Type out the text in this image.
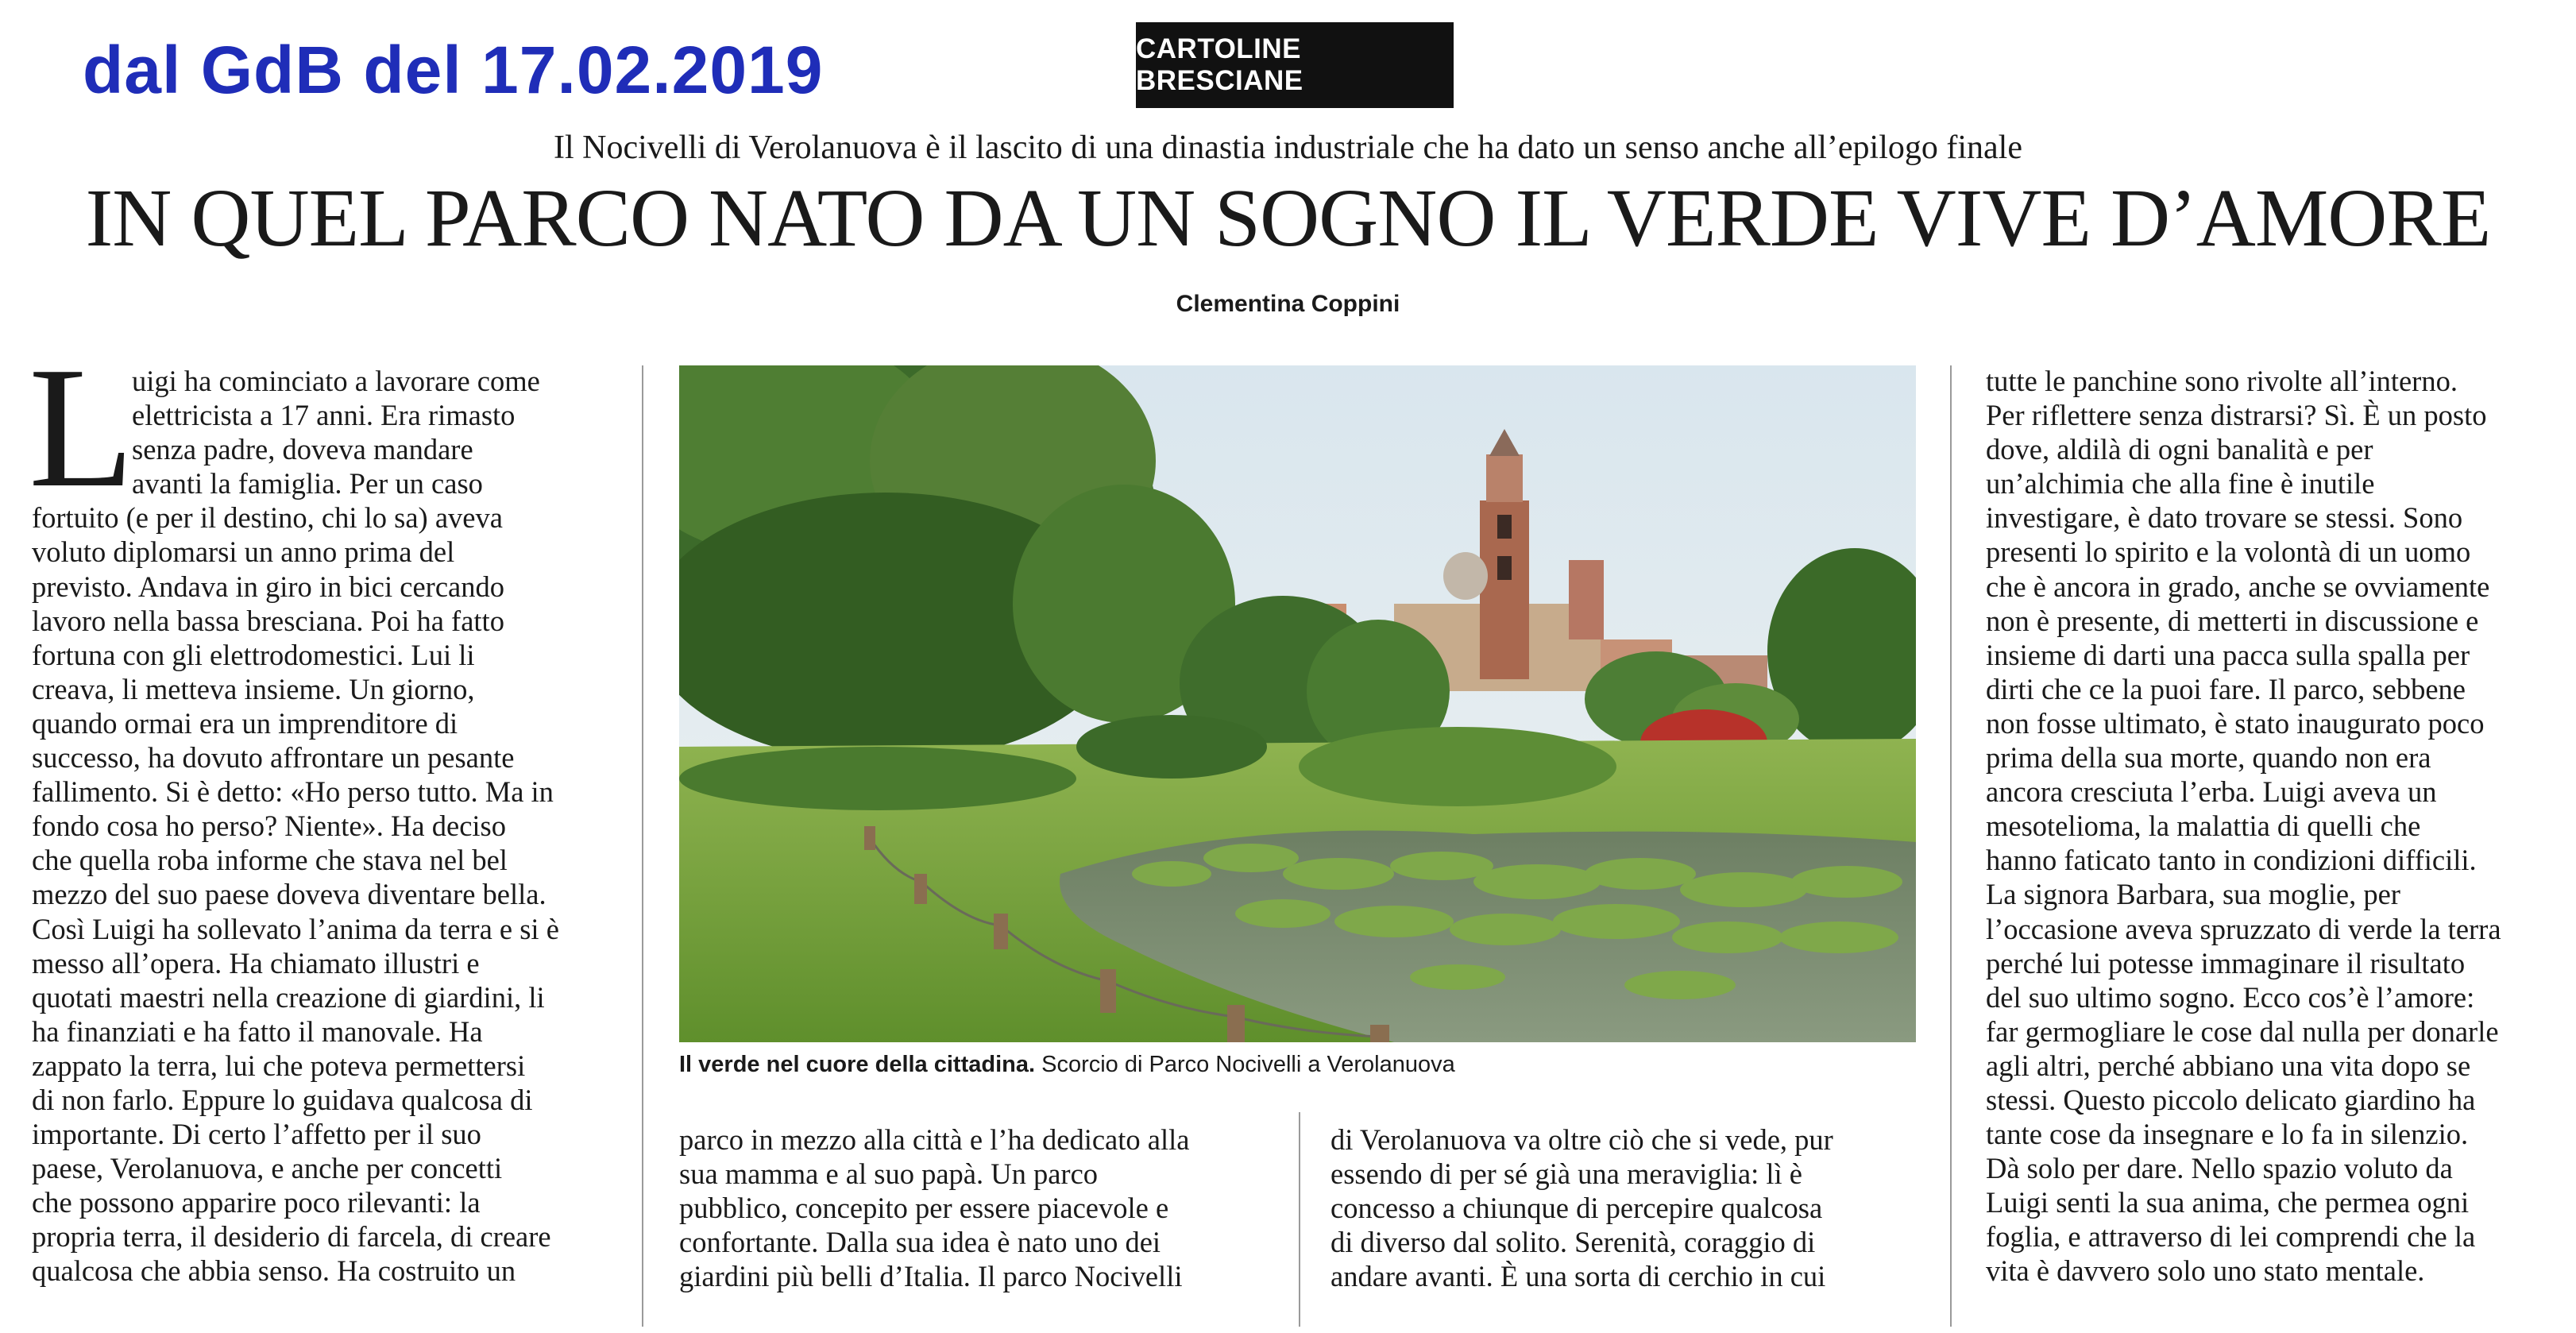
dal GdB del 17.02.2019	CARTOLINE BRESCIANE
Il Nocivelli di Verolanuova è il lascito di una dinastia industriale che ha dato un senso anche all’epilogo finale
IN QUEL PARCO NATO DA UN SOGNO IL VERDE VIVE D’AMORE
Clementina Coppini
L
uigi ha cominciato a lavorare come
elettricista a 17 anni. Era rimasto
senza padre, doveva mandare
avanti la famiglia. Per un caso
fortuito (e per il destino, chi lo sa) aveva
voluto diplomarsi un anno prima del
previsto. Andava in giro in bici cercando
lavoro nella bassa bresciana. Poi ha fatto
fortuna con gli elettrodomestici. Lui li
creava, li metteva insieme. Un giorno,
quando ormai era un imprenditore di
successo, ha dovuto affrontare un pesante
fallimento. Si è detto: «Ho perso tutto. Ma in
fondo cosa ho perso? Niente». Ha deciso
che quella roba informe che stava nel bel
mezzo del suo paese doveva diventare bella.
Così Luigi ha sollevato l’anima da terra e si è
messo all’opera. Ha chiamato illustri e
quotati maestri nella creazione di giardini, li
ha finanziati e ha fatto il manovale. Ha
zappato la terra, lui che poteva permettersi
di non farlo. Eppure lo guidava qualcosa di
importante. Di certo l’affetto per il suo
paese, Verolanuova, e anche per concetti
che possono apparire poco rilevanti: la
propria terra, il desiderio di farcela, di creare
qualcosa che abbia senso. Ha costruito un
Il verde nel cuore della cittadina. Scorcio di Parco Nocivelli a Verolanuova
parco in mezzo alla città e l’ha dedicato alla
sua mamma e al suo papà. Un parco
pubblico, concepito per essere piacevole e
confortante. Dalla sua idea è nato uno dei
giardini più belli d’Italia. Il parco Nocivelli
di Verolanuova va oltre ciò che si vede, pur
essendo di per sé già una meraviglia: lì è
concesso a chiunque di percepire qualcosa
di diverso dal solito. Serenità, coraggio di
andare avanti. È una sorta di cerchio in cui
tutte le panchine sono rivolte all’interno.
Per riflettere senza distrarsi? Sì. È un posto
dove, aldilà di ogni banalità e per
un’alchimia che alla fine è inutile
investigare, è dato trovare se stessi. Sono
presenti lo spirito e la volontà di un uomo
che è ancora in grado, anche se ovviamente
non è presente, di metterti in discussione e
insieme di darti una pacca sulla spalla per
dirti che ce la puoi fare. Il parco, sebbene
non fosse ultimato, è stato inaugurato poco
prima della sua morte, quando non era
ancora cresciuta l’erba. Luigi aveva un
mesotelioma, la malattia di quelli che
hanno faticato tanto in condizioni difficili.
La signora Barbara, sua moglie, per
l’occasione aveva spruzzato di verde la terra
perché lui potesse immaginare il risultato
del suo ultimo sogno. Ecco cos’è l’amore:
far germogliare le cose dal nulla per donarle
agli altri, perché abbiano una vita dopo se
stessi. Questo piccolo delicato giardino ha
tante cose da insegnare e lo fa in silenzio.
Dà solo per dare. Nello spazio voluto da
Luigi senti la sua anima, che permea ogni
foglia, e attraverso di lei comprendi che la
vita è davvero solo uno stato mentale.
